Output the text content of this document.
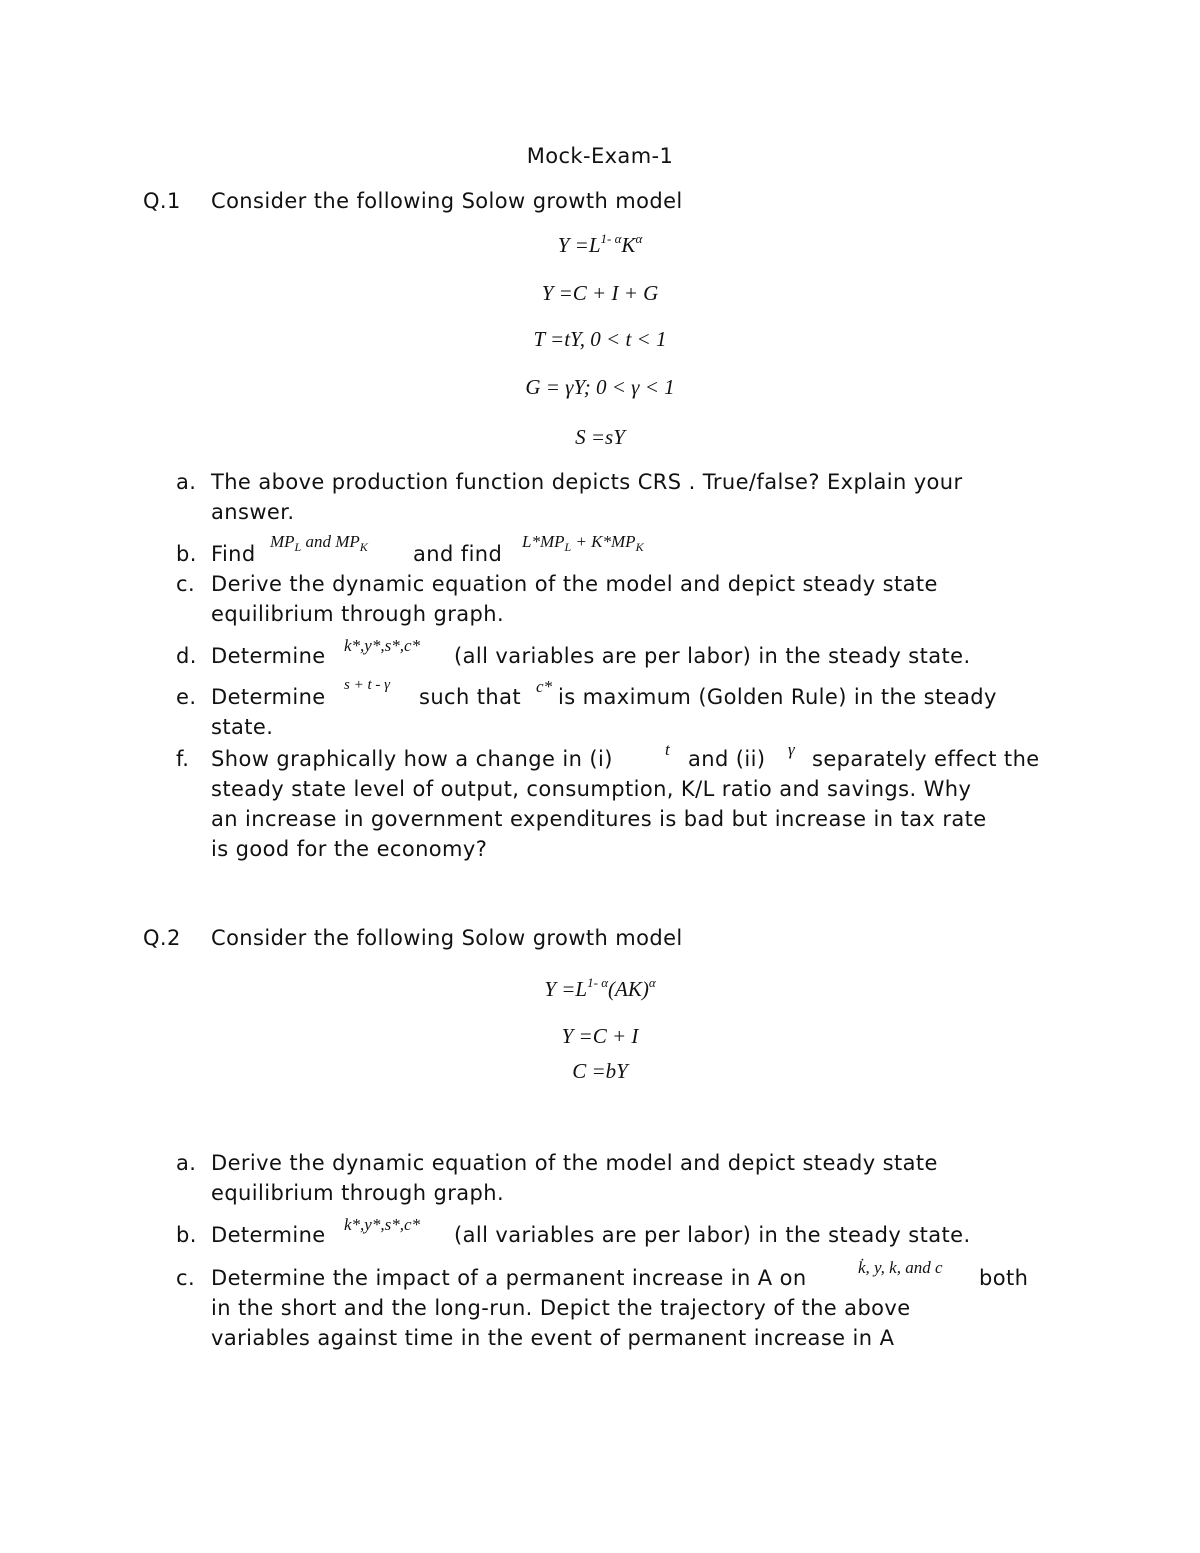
Mock-Exam-1
Q.1 Consider the following Solow growth model
$Y =L^{1- \alpha}K^\alpha$
Y =C + I + G
T =tY, 0 < t < 1
G = γY; 0 < γ < 1
S =sY
a. The above production function depicts CRS . True/false? Explain your
answer.
b. Find
$MP_L$ and $MP_K$ and find
$L*MP_L + K*MP_K$
c. Derive the dynamic equation of the model and depict steady state
equilibrium through graph.
d. Determine k*,y*,s*,c* (all variables are per labor) in the steady state.
e. Determine s + t - γ such that c* is maximum (Golden Rule) in the steady
state.
f. Show graphically how a change in (i)	t and (ii) γ separately effect the
steady state level of output, consumption, K/L ratio and savings. Why
an increase in government expenditures is bad but increase in tax rate
is good for the economy?
Q.2 Consider the following Solow growth model
$Y =L^{1- \alpha}(AK)^\alpha$
Y =C + I
C =bY
a. Derive the dynamic equation of the model and depict steady state
equilibrium through graph.
b. Determine k*,y*,s*,c* (all variables are per labor) in the steady state.
c. Determine the impact of a permanent increase in A on	k̇, y, k, and c both
in the short and the long-run. Depict the trajectory of the above
variables against time in the event of permanent increase in A
